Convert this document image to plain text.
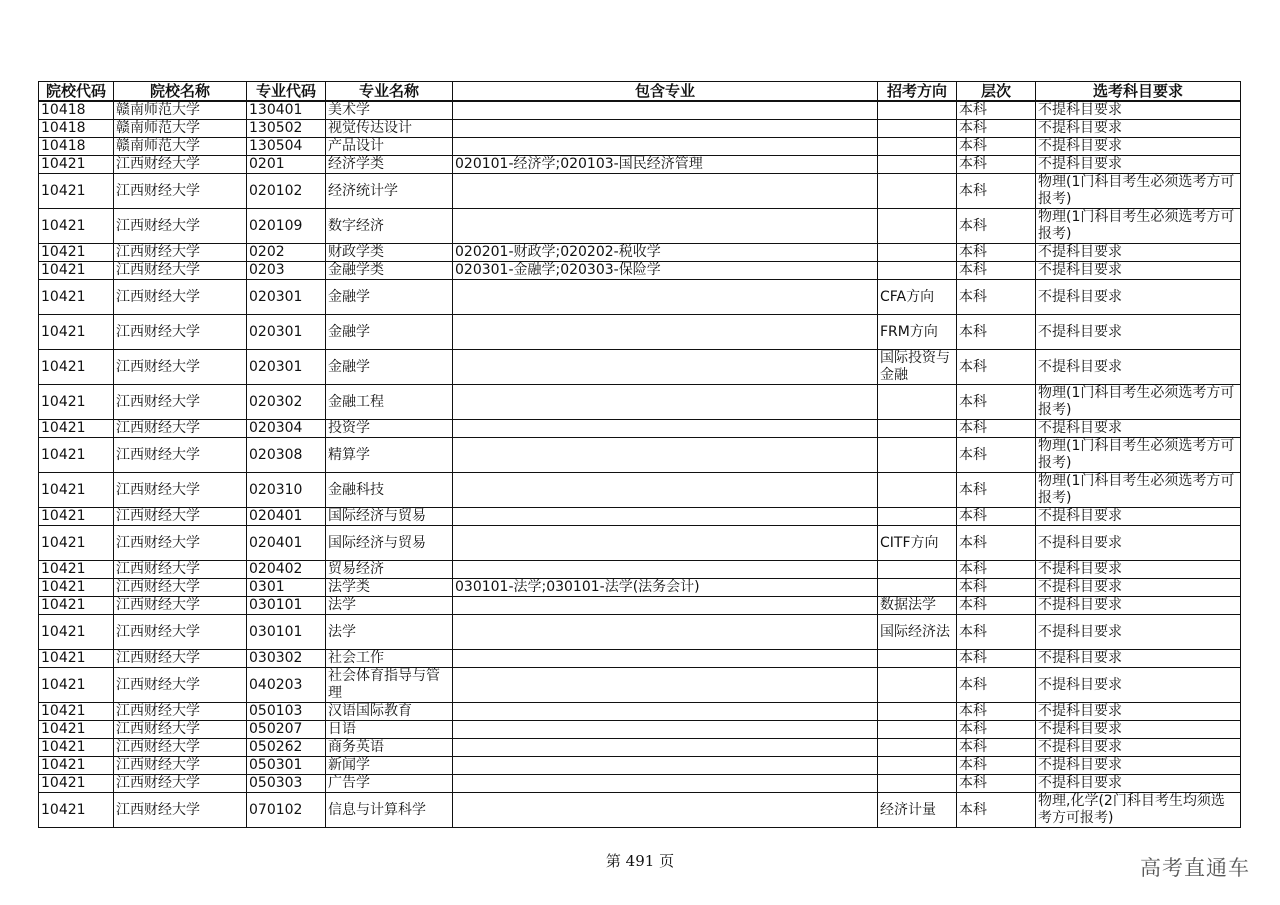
院校代码	院校名称	专业代码	专业名称	包含专业	招考方向	层次	选考科目要求
10418	赣南师范大学	130401	美术学			本科	不提科目要求
10418	赣南师范大学	130502	视觉传达设计			本科	不提科目要求
10418	赣南师范大学	130504	产品设计			本科	不提科目要求
10421	江西财经大学	0201	经济学类	020101-经济学;020103-国民经济管理		本科	不提科目要求
10421	江西财经大学	020102	经济统计学			本科	物理(1门科目考生必须选考方可报考)
10421	江西财经大学	020109	数字经济			本科	物理(1门科目考生必须选考方可报考)
10421	江西财经大学	0202	财政学类	020201-财政学;020202-税收学		本科	不提科目要求
10421	江西财经大学	0203	金融学类	020301-金融学;020303-保险学		本科	不提科目要求
10421	江西财经大学	020301	金融学		CFA方向	本科	不提科目要求
10421	江西财经大学	020301	金融学		FRM方向	本科	不提科目要求
10421	江西财经大学	020301	金融学		国际投资与金融	本科	不提科目要求
10421	江西财经大学	020302	金融工程			本科	物理(1门科目考生必须选考方可报考)
10421	江西财经大学	020304	投资学			本科	不提科目要求
10421	江西财经大学	020308	精算学			本科	物理(1门科目考生必须选考方可报考)
10421	江西财经大学	020310	金融科技			本科	物理(1门科目考生必须选考方可报考)
10421	江西财经大学	020401	国际经济与贸易			本科	不提科目要求
10421	江西财经大学	020401	国际经济与贸易		CITF方向	本科	不提科目要求
10421	江西财经大学	020402	贸易经济			本科	不提科目要求
10421	江西财经大学	0301	法学类	030101-法学;030101-法学(法务会计)		本科	不提科目要求
10421	江西财经大学	030101	法学		数据法学	本科	不提科目要求
10421	江西财经大学	030101	法学		国际经济法	本科	不提科目要求
10421	江西财经大学	030302	社会工作			本科	不提科目要求
10421	江西财经大学	040203	社会体育指导与管理			本科	不提科目要求
10421	江西财经大学	050103	汉语国际教育			本科	不提科目要求
10421	江西财经大学	050207	日语			本科	不提科目要求
10421	江西财经大学	050262	商务英语			本科	不提科目要求
10421	江西财经大学	050301	新闻学			本科	不提科目要求
10421	江西财经大学	050303	广告学			本科	不提科目要求
10421	江西财经大学	070102	信息与计算科学		经济计量	本科	物理,化学(2门科目考生均须选考方可报考)
第 491 页	高考直通车
